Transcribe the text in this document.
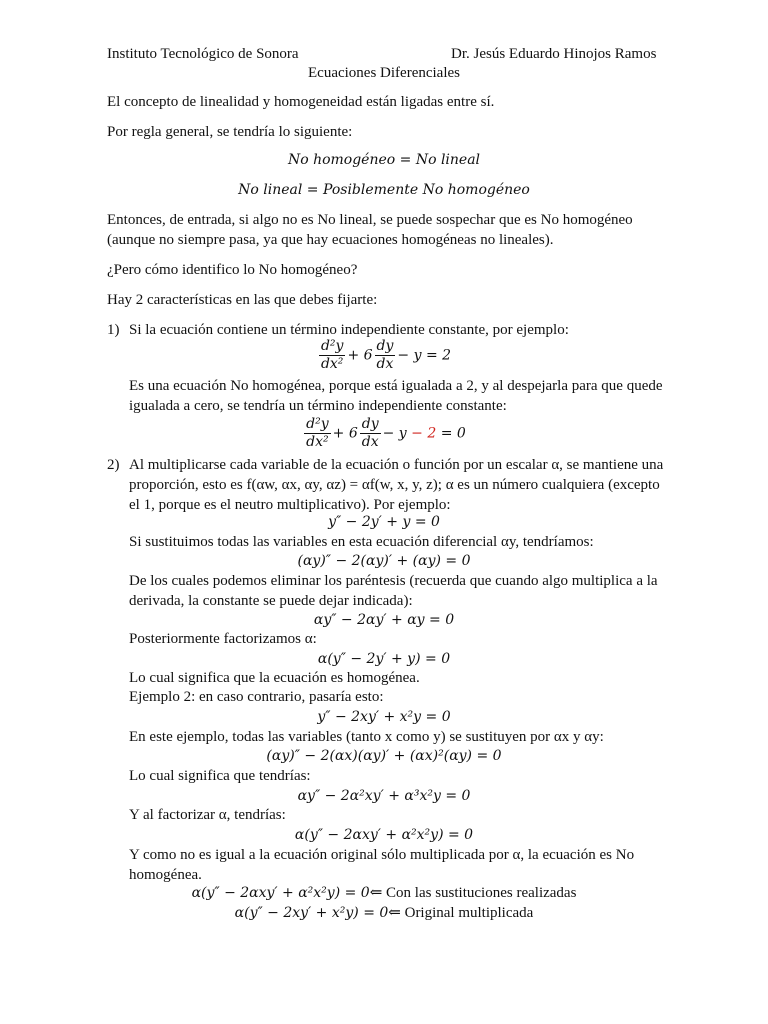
Instituto Tecnológico de Sonora	Dr. Jesús Eduardo Hinojos Ramos
Ecuaciones Diferenciales
El concepto de linealidad y homogeneidad están ligadas entre sí.
Por regla general, se tendría lo siguiente:
No homogéneo = No lineal
No lineal = Posiblemente No homogéneo
Entonces, de entrada, si algo no es No lineal, se puede sospechar que es No homogéneo (aunque no siempre pasa, ya que hay ecuaciones homogéneas no lineales).
¿Pero cómo identifico lo No homogéneo?
Hay 2 características en las que debes fijarte:
1) Si la ecuación contiene un término independiente constante, por ejemplo:
$\frac{\text{d²y}}{\text{dx²}} + 6 \frac{dy}{dx} - y = 2$
Es una ecuación No homogénea, porque está igualada a 2, y al despejarla para que quede igualada a cero, se tendría un término independiente constante:
$\frac{\text{d²y}}{\text{dx²}} + 6 \frac{dy}{dx} - y - 2 = 0$
2) Al multiplicarse cada variable de la ecuación o función por un escalar α, se mantiene una proporción, esto es f(αw, αx, αy, αz) = αf(w, x, y, z); α es un número cualquiera (excepto el 1, porque es el neutro multiplicativo). Por ejemplo:
y″ − 2y′ + y = 0
Si sustituimos todas las variables en esta ecuación diferencial αy, tendríamos:
(αy)″ − 2(αy)′ + (αy) = 0
De los cuales podemos eliminar los paréntesis (recuerda que cuando algo multiplica a la derivada, la constante se puede dejar indicada):
αy″ − 2αy′ + αy = 0
Posteriormente factorizamos α:
α(y″ − 2y′ + y) = 0
Lo cual significa que la ecuación es homogénea.
Ejemplo 2: en caso contrario, pasaría esto:
y″ − 2xy′ + x²y = 0
En este ejemplo, todas las variables (tanto x como y) se sustituyen por αx y αy:
(αy)″ − 2(αx)(αy)′ + (αx)²(αy) = 0
Lo cual significa que tendrías:
αy″ − 2α²xy′ + α³x²y = 0
Y al factorizar α, tendrías:
α(y″ − 2αxy′ + α²x²y) = 0
Y como no es igual a la ecuación original sólo multiplicada por α, la ecuación es No homogénea.
α(y″ − 2αxy′ + α²x²y) = 0⇐ Con las sustituciones realizadas
α(y″ − 2xy′ + x²y) = 0⇐ Original multiplicada
